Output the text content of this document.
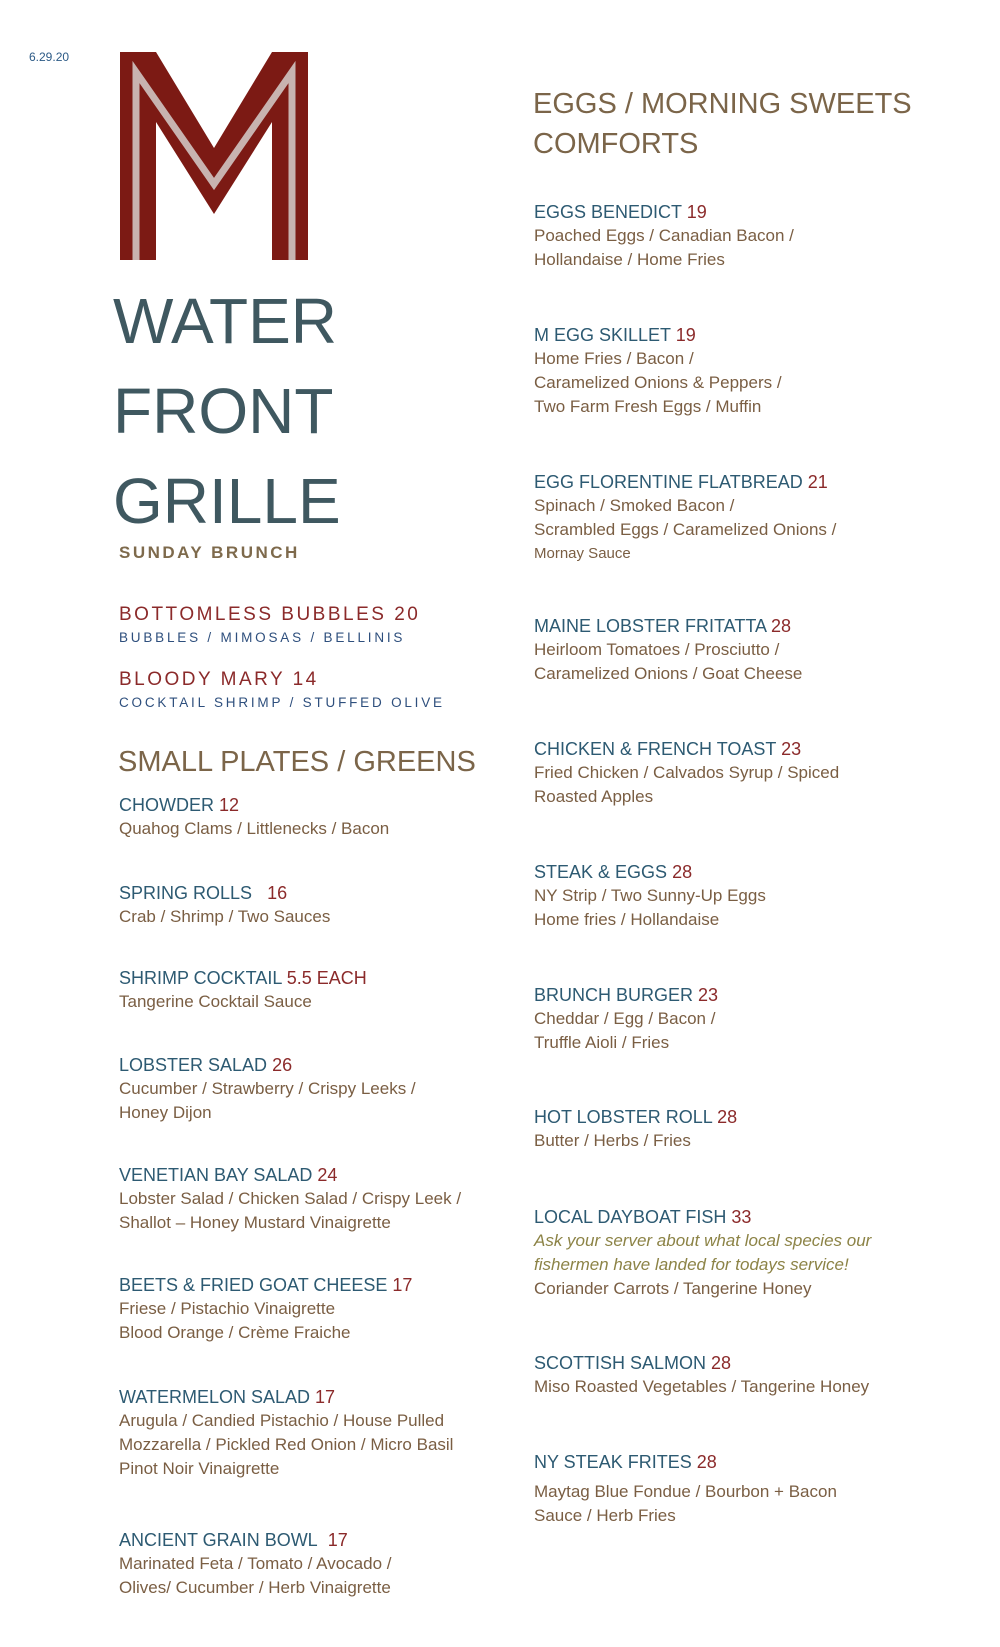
6.29.20
WATER
FRONT
GRILLE
SUNDAY BRUNCH
BOTTOMLESS BUBBLES 20
BUBBLES / MIMOSAS / BELLINIS
BLOODY MARY 14
COCKTAIL SHRIMP / STUFFED OLIVE
SMALL PLATES / GREENS
CHOWDER 12
Quahog Clams / Littlenecks / Bacon
SPRING ROLLS 16
Crab / Shrimp / Two Sauces
SHRIMP COCKTAIL 5.5 EACH
Tangerine Cocktail Sauce
LOBSTER SALAD 26
Cucumber / Strawberry / Crispy Leeks /
Honey Dijon
VENETIAN BAY SALAD 24
Lobster Salad / Chicken Salad / Crispy Leek /
Shallot – Honey Mustard Vinaigrette
BEETS & FRIED GOAT CHEESE 17
Friese / Pistachio Vinaigrette
Blood Orange / Crème Fraiche
WATERMELON SALAD 17
Arugula / Candied Pistachio / House Pulled
Mozzarella / Pickled Red Onion / Micro Basil
Pinot Noir Vinaigrette
ANCIENT GRAIN BOWL 17
Marinated Feta / Tomato / Avocado /
Olives/ Cucumber / Herb Vinaigrette
EGGS / MORNING SWEETS
COMFORTS
EGGS BENEDICT 19
Poached Eggs / Canadian Bacon /
Hollandaise / Home Fries
M EGG SKILLET 19
Home Fries / Bacon /
Caramelized Onions & Peppers /
Two Farm Fresh Eggs / Muffin
EGG FLORENTINE FLATBREAD 21
Spinach / Smoked Bacon /
Scrambled Eggs / Caramelized Onions /
Mornay Sauce
MAINE LOBSTER FRITATTA 28
Heirloom Tomatoes / Prosciutto /
Caramelized Onions / Goat Cheese
CHICKEN & FRENCH TOAST 23
Fried Chicken / Calvados Syrup / Spiced
Roasted Apples
STEAK & EGGS 28
NY Strip / Two Sunny-Up Eggs
Home fries / Hollandaise
BRUNCH BURGER 23
Cheddar / Egg / Bacon /
Truffle Aioli / Fries
HOT LOBSTER ROLL 28
Butter / Herbs / Fries
LOCAL DAYBOAT FISH 33
Ask your server about what local species our
fishermen have landed for todays service!
Coriander Carrots / Tangerine Honey
SCOTTISH SALMON 28
Miso Roasted Vegetables / Tangerine Honey
NY STEAK FRITES 28
Maytag Blue Fondue / Bourbon + Bacon
Sauce / Herb Fries
